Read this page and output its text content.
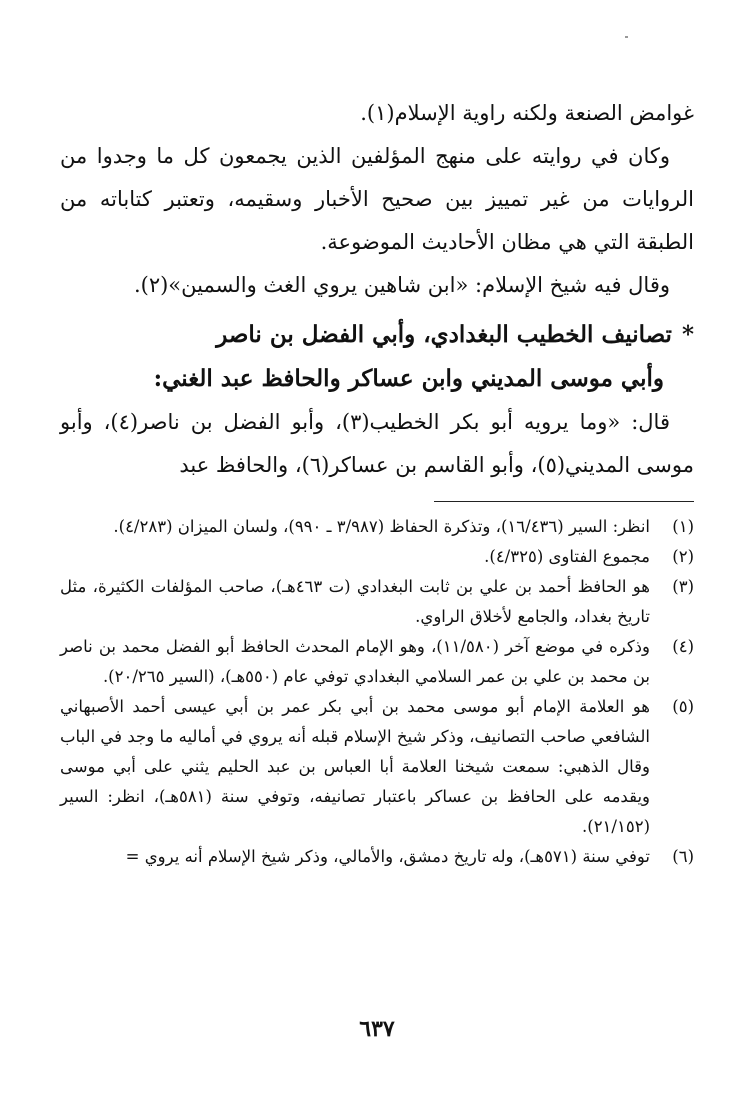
غوامض الصنعة ولكنه راوية الإسلام(١).

وكان في روايته على منهج المؤلفين الذين يجمعون كل ما وجدوا من الروايات من غير تمييز بين صحيح الأخبار وسقيمه، وتعتبر كتاباته من الطبقة التي هي مظان الأحاديث الموضوعة.

وقال فيه شيخ الإسلام: «ابن شاهين يروي الغث والسمين»(٢).

*تصانيف الخطيب البغدادي، وأبي الفضل بن ناصر
وأبي موسى المديني وابن عساكر والحافظ عبد الغني:

قال: «وما يرويه أبو بكر الخطيب(٣)، وأبو الفضل بن ناصر(٤)، وأبو موسى المديني(٥)، وأبو القاسم بن عساكر(٦)، والحافظ عبد

(١)
انظر: السير (١٦/٤٣٦)، وتذكرة الحفاظ (٣/٩٨٧ ـ ٩٩٠)، ولسان الميزان (٤/٢٨٣).

(٢)
مجموع الفتاوى (٤/٣٢٥).

(٣)
هو الحافظ أحمد بن علي بن ثابت البغدادي (ت ٤٦٣هـ)، صاحب المؤلفات الكثيرة، مثل تاريخ بغداد، والجامع لأخلاق الراوي.

(٤)
وذكره في موضع آخر (١١/٥٨٠)، وهو الإمام المحدث الحافظ أبو الفضل محمد بن ناصر بن محمد بن علي بن عمر السلامي البغدادي توفي عام (٥٥٠هـ)، (السير ٢٠/٢٦٥).

(٥)
هو العلامة الإمام أبو موسى محمد بن أبي بكر عمر بن أبي عيسى أحمد الأصبهاني الشافعي صاحب التصانيف، وذكر شيخ الإسلام قبله أنه يروي في أماليه ما وجد في الباب وقال الذهبي: سمعت شيخنا العلامة أبا العباس بن عبد الحليم يثني على أبي موسى ويقدمه على الحافظ بن عساكر باعتبار تصانيفه، وتوفي سنة (٥٨١هـ)، انظر: السير (٢١/١٥٢).

(٦)
توفي سنة (٥٧١هـ)، وله تاريخ دمشق، والأمالي، وذكر شيخ الإسلام أنه يروي =

٦٣٧
